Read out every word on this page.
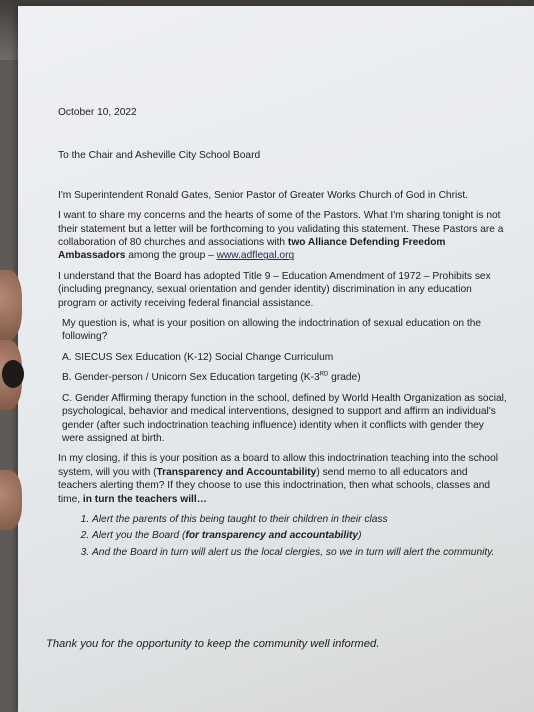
October 10, 2022

To the Chair and Asheville City School Board

I'm Superintendent Ronald Gates, Senior Pastor of Greater Works Church of God in Christ.

I want to share my concerns and the hearts of some of the Pastors. What I'm sharing tonight is not their statement but a letter will be forthcoming to you validating this statement. These Pastors are a collaboration of 80 churches and associations with two Alliance Defending Freedom Ambassadors among the group – www.adflegal.org

I understand that the Board has adopted Title 9 – Education Amendment of 1972 – Prohibits sex (including pregnancy, sexual orientation and gender identity) discrimination in any education program or activity receiving federal financial assistance.

My question is, what is your position on allowing the indoctrination of sexual education on the following?

A. SIECUS Sex Education (K-12) Social Change Curriculum

B. Gender-person / Unicorn Sex Education targeting (K-3RD grade)

C. Gender Affirming therapy function in the school, defined by World Health Organization as social, psychological, behavior and medical interventions, designed to support and affirm an individual's gender (after such indoctrination teaching influence) identity when it conflicts with gender they were assigned at birth.

In my closing, if this is your position as a board to allow this indoctrination teaching into the school system, will you with (Transparency and Accountability) send memo to all educators and teachers alerting them? If they choose to use this indoctrination, then what schools, classes and time, in turn the teachers will…

1. Alert the parents of this being taught to their children in their class
2. Alert you the Board (for transparency and accountability)
3. And the Board in turn will alert us the local clergies, so we in turn will alert the community.
Thank you for the opportunity to keep the community well informed.
